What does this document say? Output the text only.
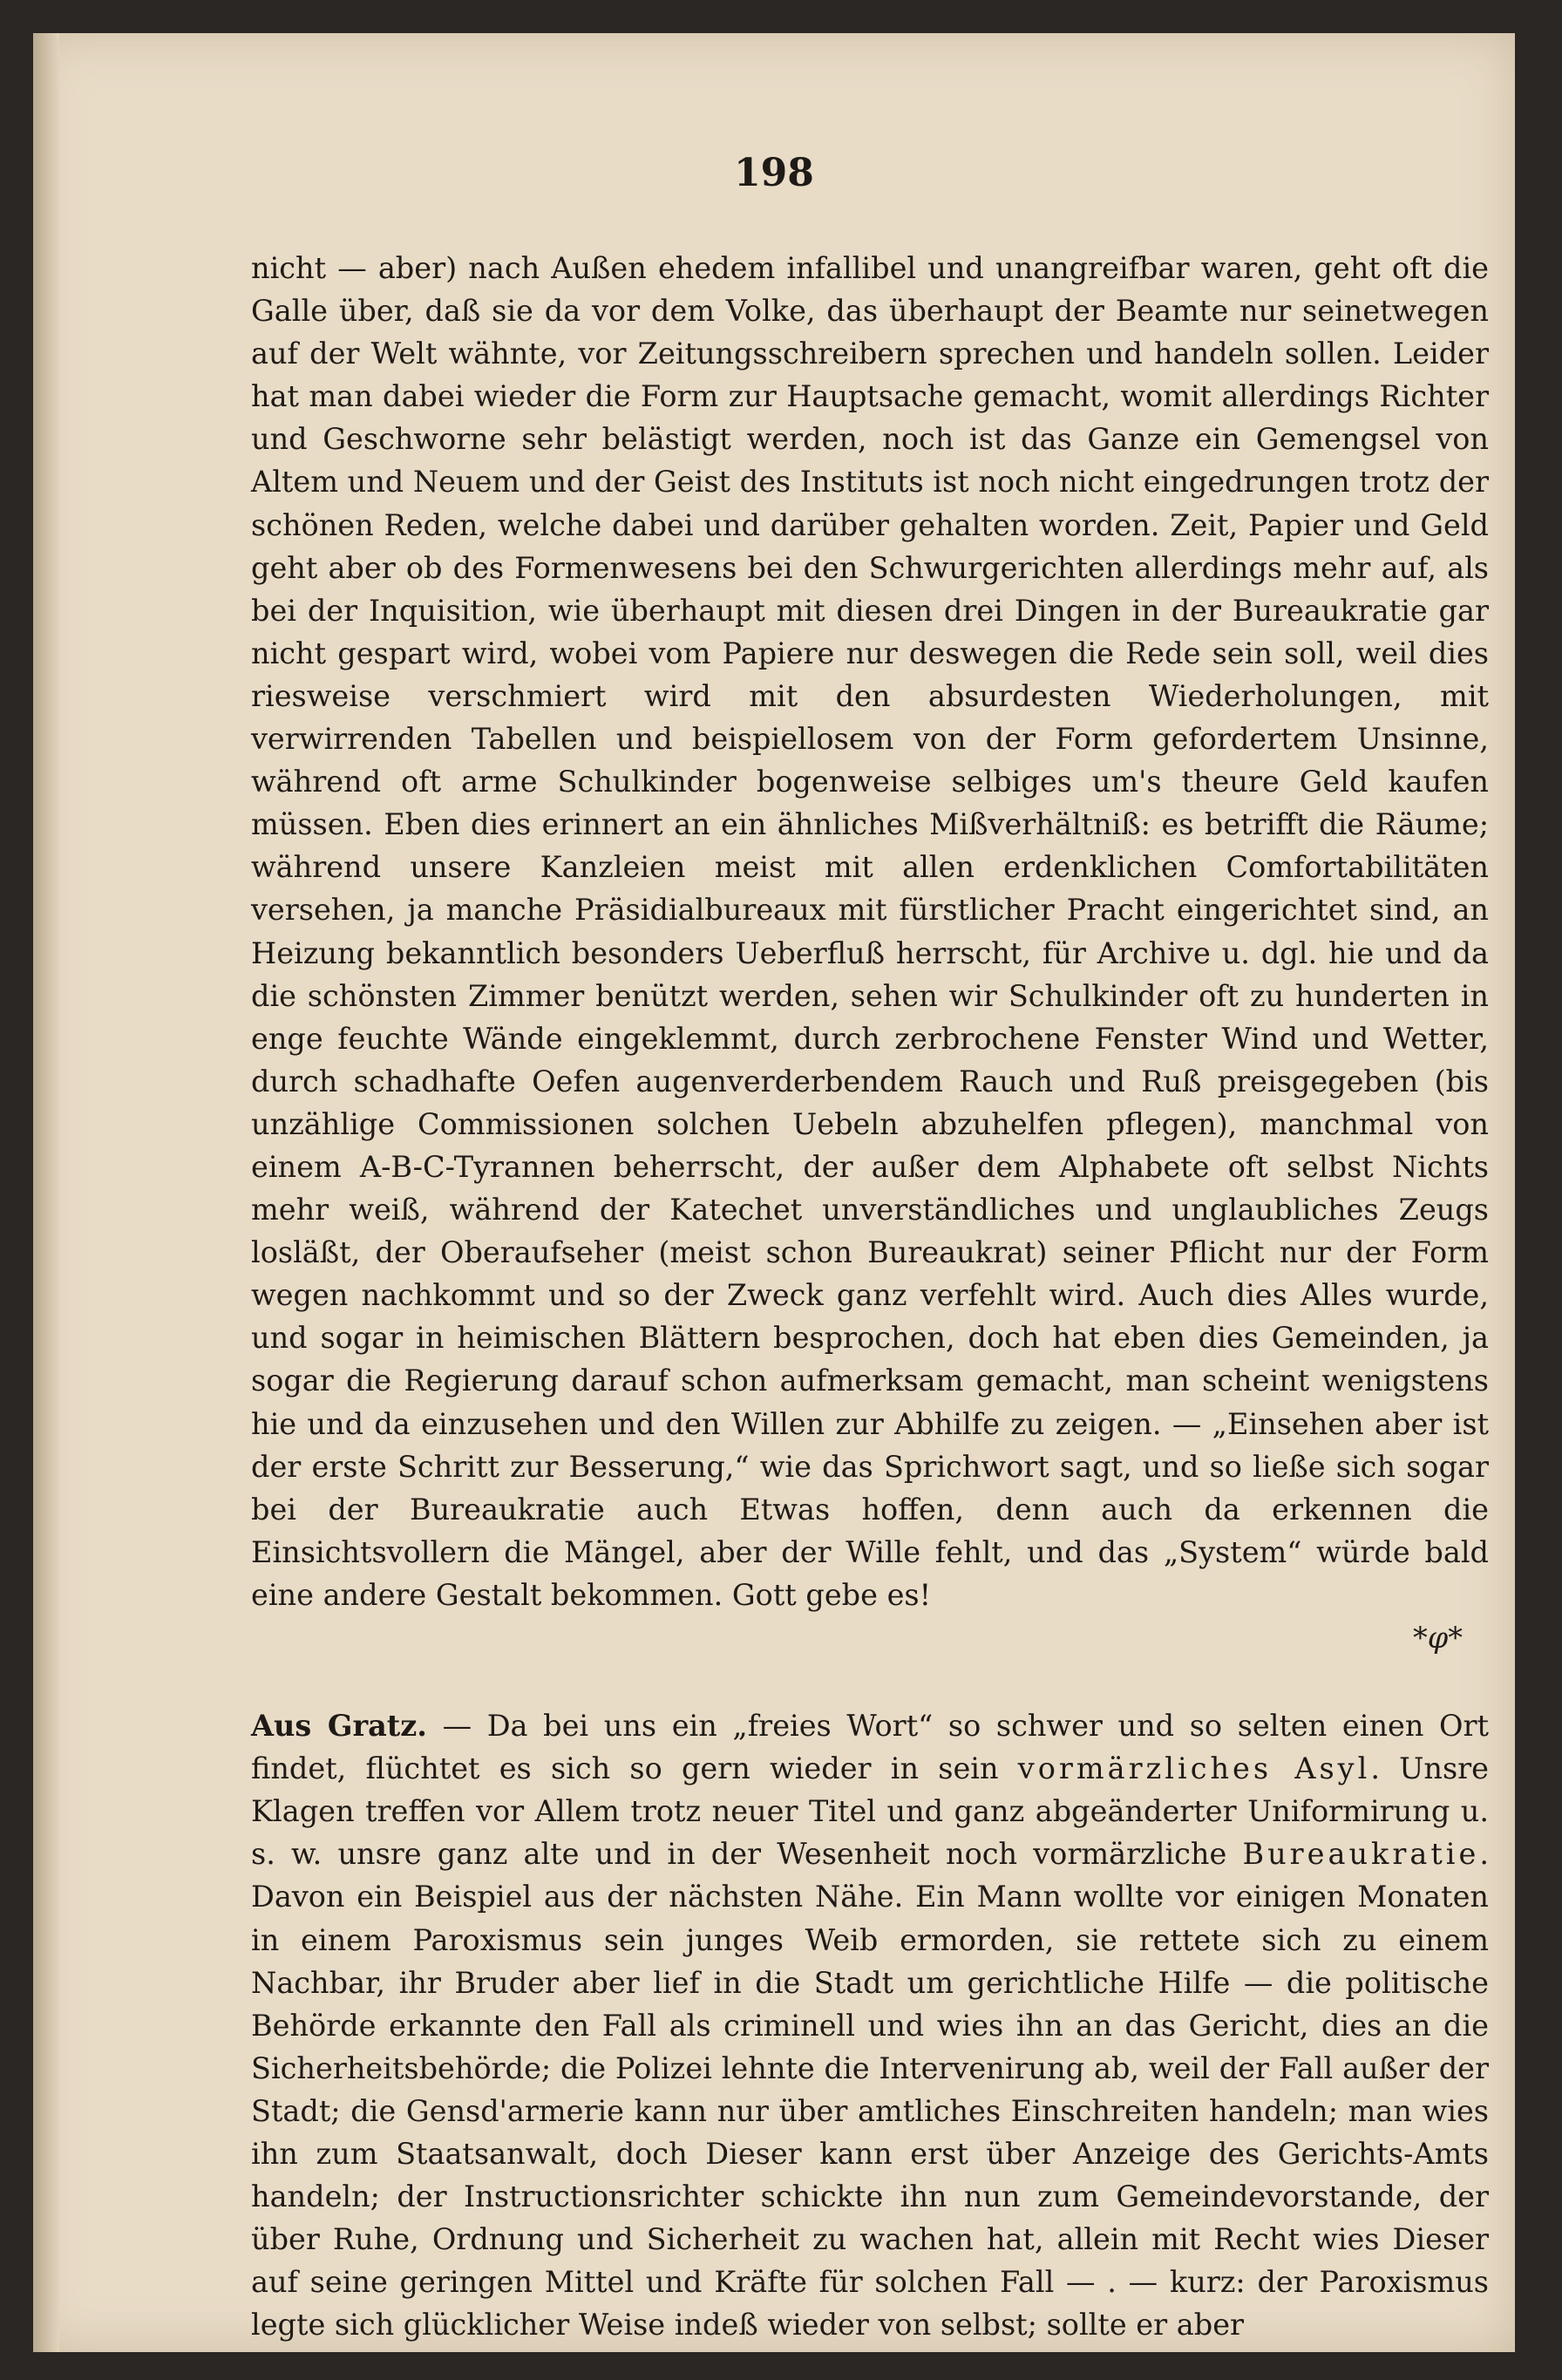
198

nicht — aber) nach Außen ehedem infallibel und unangreifbar waren, geht oft die Galle über, daß sie da vor dem Volke, das überhaupt der Beamte nur seinetwegen auf der Welt wähnte, vor Zeitungsschreibern sprechen und handeln sollen. Leider hat man dabei wieder die Form zur Hauptsache gemacht, womit allerdings Richter und Geschworne sehr belästigt werden, noch ist das Ganze ein Gemengsel von Altem und Neuem und der Geist des Instituts ist noch nicht eingedrungen trotz der schönen Reden, welche dabei und darüber gehalten worden. Zeit, Papier und Geld geht aber ob des Formenwesens bei den Schwurgerichten allerdings mehr auf, als bei der Inquisition, wie überhaupt mit diesen drei Dingen in der Bureaukratie gar nicht gespart wird, wobei vom Papiere nur deswegen die Rede sein soll, weil dies riesweise verschmiert wird mit den absurdesten Wiederholungen, mit verwirrenden Tabellen und beispiellosem von der Form gefordertem Unsinne, während oft arme Schulkinder bogenweise selbiges um's theure Geld kaufen müssen. Eben dies erinnert an ein ähnliches Mißverhältniß: es betrifft die Räume; während unsere Kanzleien meist mit allen erdenklichen Comfortabilitäten versehen, ja manche Präsidialbureaux mit fürstlicher Pracht eingerichtet sind, an Heizung bekanntlich besonders Ueberfluß herrscht, für Archive u. dgl. hie und da die schönsten Zimmer benützt werden, sehen wir Schulkinder oft zu hunderten in enge feuchte Wände eingeklemmt, durch zerbrochene Fenster Wind und Wetter, durch schadhafte Oefen augenverderbendem Rauch und Ruß preisgegeben (bis unzählige Commissionen solchen Uebeln abzuhelfen pflegen), manchmal von einem A-B-C-Tyrannen beherrscht, der außer dem Alphabete oft selbst Nichts mehr weiß, während der Katechet unverständliches und unglaubliches Zeugs losläßt, der Oberaufseher (meist schon Bureaukrat) seiner Pflicht nur der Form wegen nachkommt und so der Zweck ganz verfehlt wird. Auch dies Alles wurde, und sogar in heimischen Blättern besprochen, doch hat eben dies Gemeinden, ja sogar die Regierung darauf schon aufmerksam gemacht, man scheint wenigstens hie und da einzusehen und den Willen zur Abhilfe zu zeigen. — „Einsehen aber ist der erste Schritt zur Besserung,“ wie das Sprichwort sagt, und so ließe sich sogar bei der Bureaukratie auch Etwas hoffen, denn auch da erkennen die Einsichtsvollern die Mängel, aber der Wille fehlt, und das „System“ würde bald eine andere Gestalt bekommen. Gott gebe es!

*φ*

Aus Gratz. — Da bei uns ein „freies Wort“ so schwer und so selten einen Ort findet, flüchtet es sich so gern wieder in sein vormärzliches Asyl. Unsre Klagen treffen vor Allem trotz neuer Titel und ganz abgeänderter Uniformirung u. s. w. unsre ganz alte und in der Wesenheit noch vormärzliche Bureaukratie. Davon ein Beispiel aus der nächsten Nähe. Ein Mann wollte vor einigen Monaten in einem Paroxismus sein junges Weib ermorden, sie rettete sich zu einem Nachbar, ihr Bruder aber lief in die Stadt um gerichtliche Hilfe — die politische Behörde erkannte den Fall als criminell und wies ihn an das Gericht, dies an die Sicherheitsbehörde; die Polizei lehnte die Intervenirung ab, weil der Fall außer der Stadt; die Gensd'armerie kann nur über amtliches Einschreiten handeln; man wies ihn zum Staatsanwalt, doch Dieser kann erst über Anzeige des Gerichts-Amts handeln; der Instructionsrichter schickte ihn nun zum Gemeindevorstande, der über Ruhe, Ordnung und Sicherheit zu wachen hat, allein mit Recht wies Dieser auf seine geringen Mittel und Kräfte für solchen Fall — . — kurz: der Paroxismus legte sich glücklicher Weise indeß wieder von selbst; sollte er aber
